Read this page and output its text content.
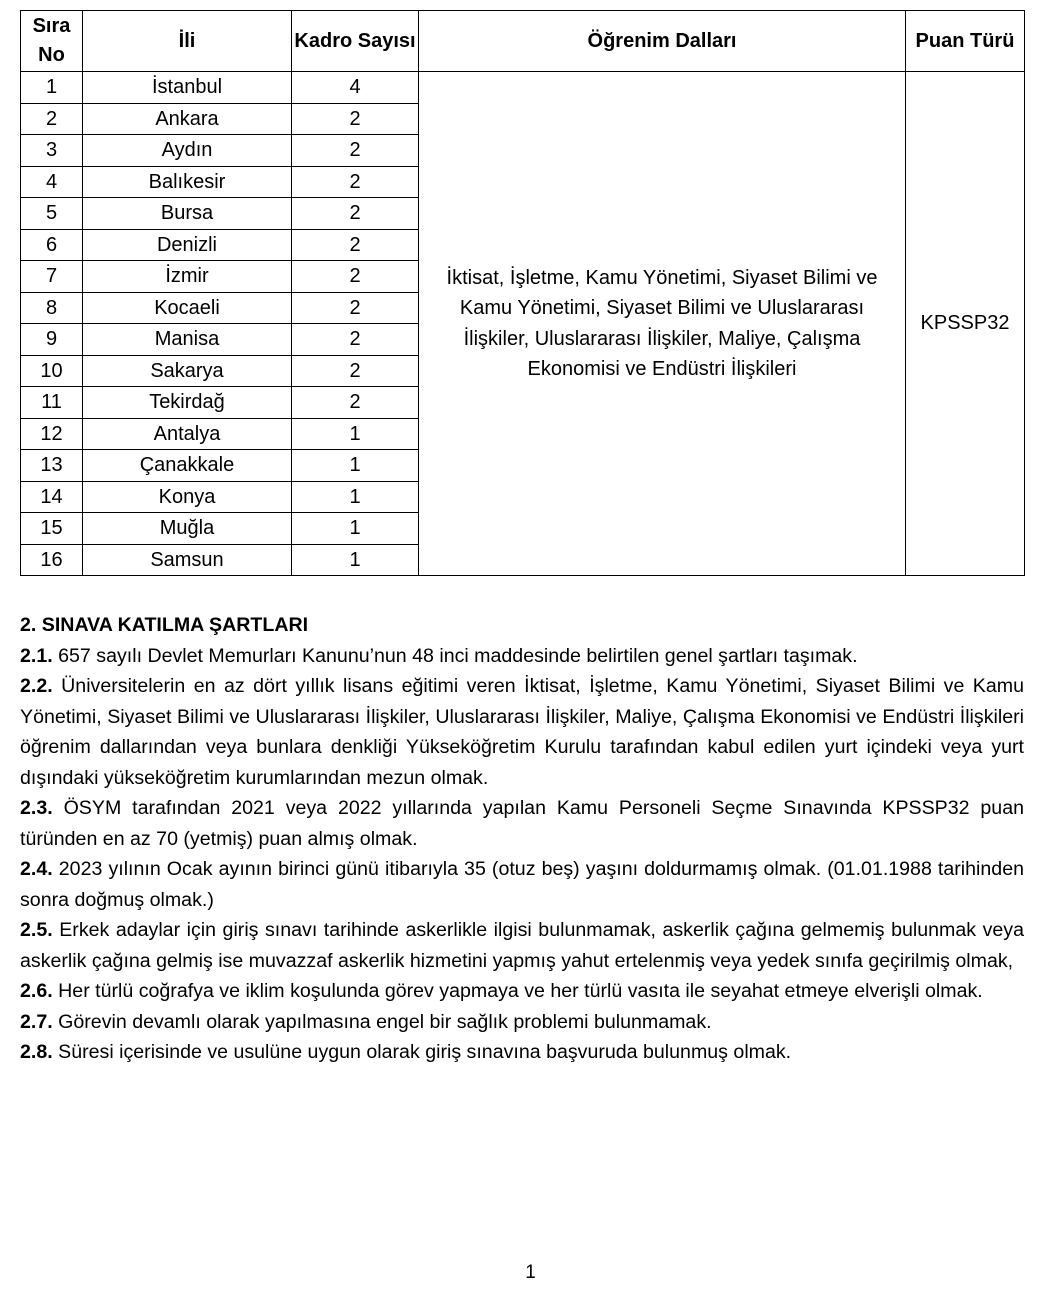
Sıra No	İli	Kadro Sayısı	Öğrenim Dalları	Puan Türü
1	İstanbul	4	İktisat, İşletme, Kamu Yönetimi, Siyaset Bilimi ve Kamu Yönetimi, Siyaset Bilimi ve Uluslararası İlişkiler, Uluslararası İlişkiler, Maliye, Çalışma Ekonomisi ve Endüstri İlişkileri	KPSSP32
2	Ankara	2		
3	Aydın	2		
4	Balıkesir	2		
5	Bursa	2		
6	Denizli	2		
7	İzmir	2		
8	Kocaeli	2		
9	Manisa	2		
10	Sakarya	2		
11	Tekirdağ	2		
12	Antalya	1		
13	Çanakkale	1		
14	Konya	1		
15	Muğla	1		
16	Samsun	1		
2. SINAVA KATILMA ŞARTLARI

2.1. 657 sayılı Devlet Memurları Kanunu’nun 48 inci maddesinde belirtilen genel şartları taşımak.

2.2. Üniversitelerin en az dört yıllık lisans eğitimi veren İktisat, İşletme, Kamu Yönetimi, Siyaset Bilimi ve Kamu Yönetimi, Siyaset Bilimi ve Uluslararası İlişkiler, Uluslararası İlişkiler, Maliye, Çalışma Ekonomisi ve Endüstri İlişkileri öğrenim dallarından veya bunlara denkliği Yükseköğretim Kurulu tarafından kabul edilen yurt içindeki veya yurt dışındaki yükseköğretim kurumlarından mezun olmak.

2.3. ÖSYM tarafından 2021 veya 2022 yıllarında yapılan Kamu Personeli Seçme Sınavında KPSSP32 puan türünden en az 70 (yetmiş) puan almış olmak.

2.4. 2023 yılının Ocak ayının birinci günü itibarıyla 35 (otuz beş) yaşını doldurmamış olmak. (01.01.1988 tarihinden sonra doğmuş olmak.)

2.5. Erkek adaylar için giriş sınavı tarihinde askerlikle ilgisi bulunmamak, askerlik çağına gelmemiş bulunmak veya askerlik çağına gelmiş ise muvazzaf askerlik hizmetini yapmış yahut ertelenmiş veya yedek sınıfa geçirilmiş olmak,

2.6. Her türlü coğrafya ve iklim koşulunda görev yapmaya ve her türlü vasıta ile seyahat etmeye elverişli olmak.

2.7. Görevin devamlı olarak yapılmasına engel bir sağlık problemi bulunmamak.

2.8. Süresi içerisinde ve usulüne uygun olarak giriş sınavına başvuruda bulunmuş olmak.

1
